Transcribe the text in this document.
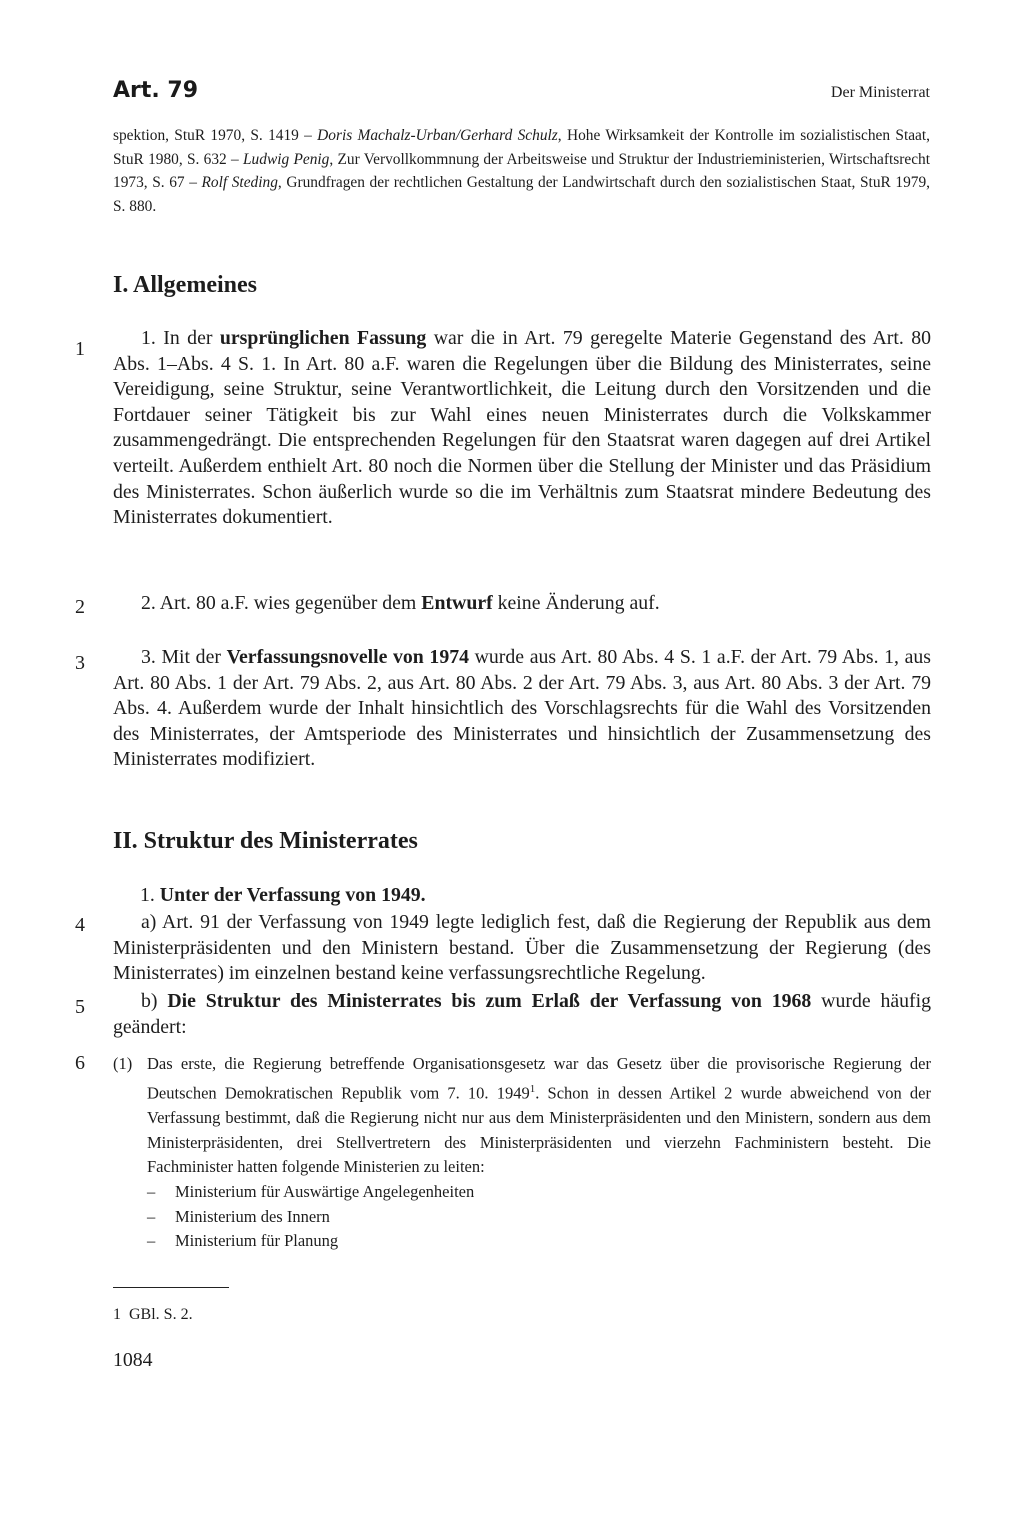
Art. 79	Der Ministerrat

spektion, StuR 1970, S. 1419 – Doris Machalz-Urban/Gerhard Schulz, Hohe Wirksamkeit der Kontrolle im sozialistischen Staat, StuR 1980, S. 632 – Ludwig Penig, Zur Vervollkommnung der Arbeitsweise und Struktur der Industrieministerien, Wirtschaftsrecht 1973, S. 67 – Rolf Steding, Grundfragen der rechtlichen Gestaltung der Landwirtschaft durch den sozialistischen Staat, StuR 1979, S. 880.

I. Allgemeines
1	1. In der ursprünglichen Fassung war die in Art. 79 geregelte Materie Gegenstand des Art. 80 Abs. 1–Abs. 4 S. 1. In Art. 80 a.F. waren die Regelungen über die Bildung des Ministerrates, seine Vereidigung, seine Struktur, seine Verantwortlichkeit, die Leitung durch den Vorsitzenden und die Fortdauer seiner Tätigkeit bis zur Wahl eines neuen Ministerrates durch die Volkskammer zusammengedrängt. Die entsprechenden Regelungen für den Staatsrat waren dagegen auf drei Artikel verteilt. Außerdem enthielt Art. 80 noch die Normen über die Stellung der Minister und das Präsidium des Ministerrates. Schon äußerlich wurde so die im Verhältnis zum Staatsrat mindere Bedeutung des Ministerrates dokumentiert.

2	2. Art. 80 a.F. wies gegenüber dem Entwurf keine Änderung auf.

3	3. Mit der Verfassungsnovelle von 1974 wurde aus Art. 80 Abs. 4 S. 1 a.F. der Art. 79 Abs. 1, aus Art. 80 Abs. 1 der Art. 79 Abs. 2, aus Art. 80 Abs. 2 der Art. 79 Abs. 3, aus Art. 80 Abs. 3 der Art. 79 Abs. 4. Außerdem wurde der Inhalt hinsichtlich des Vorschlagsrechts für die Wahl des Vorsitzenden des Ministerrates, der Amtsperiode des Ministerrates und hinsichtlich der Zusammensetzung des Ministerrates modifiziert.

II. Struktur des Ministerrates
1. Unter der Verfassung von 1949.
4	a) Art. 91 der Verfassung von 1949 legte lediglich fest, daß die Regierung der Republik aus dem Ministerpräsidenten und den Ministern bestand. Über die Zusammensetzung der Regierung (des Ministerrates) im einzelnen bestand keine verfassungsrechtliche Regelung.

5	b) Die Struktur des Ministerrates bis zum Erlaß der Verfassung von 1968 wurde häufig geändert:

6	(1) Das erste, die Regierung betreffende Organisationsgesetz war das Gesetz über die provisorische Regierung der Deutschen Demokratischen Republik vom 7. 10. 1949$^1$. Schon in dessen Artikel 2 wurde abweichend von der Verfassung bestimmt, daß die Regierung nicht nur aus dem Ministerpräsidenten und den Ministern, sondern aus dem Ministerpräsidenten, drei Stellvertretern des Ministerpräsidenten und vierzehn Fachministern besteht. Die Fachminister hatten folgende Ministerien zu leiten:
– Ministerium für Auswärtige Angelegenheiten
– Ministerium des Innern
– Ministerium für Planung
1 GBl. S. 2.
1084
